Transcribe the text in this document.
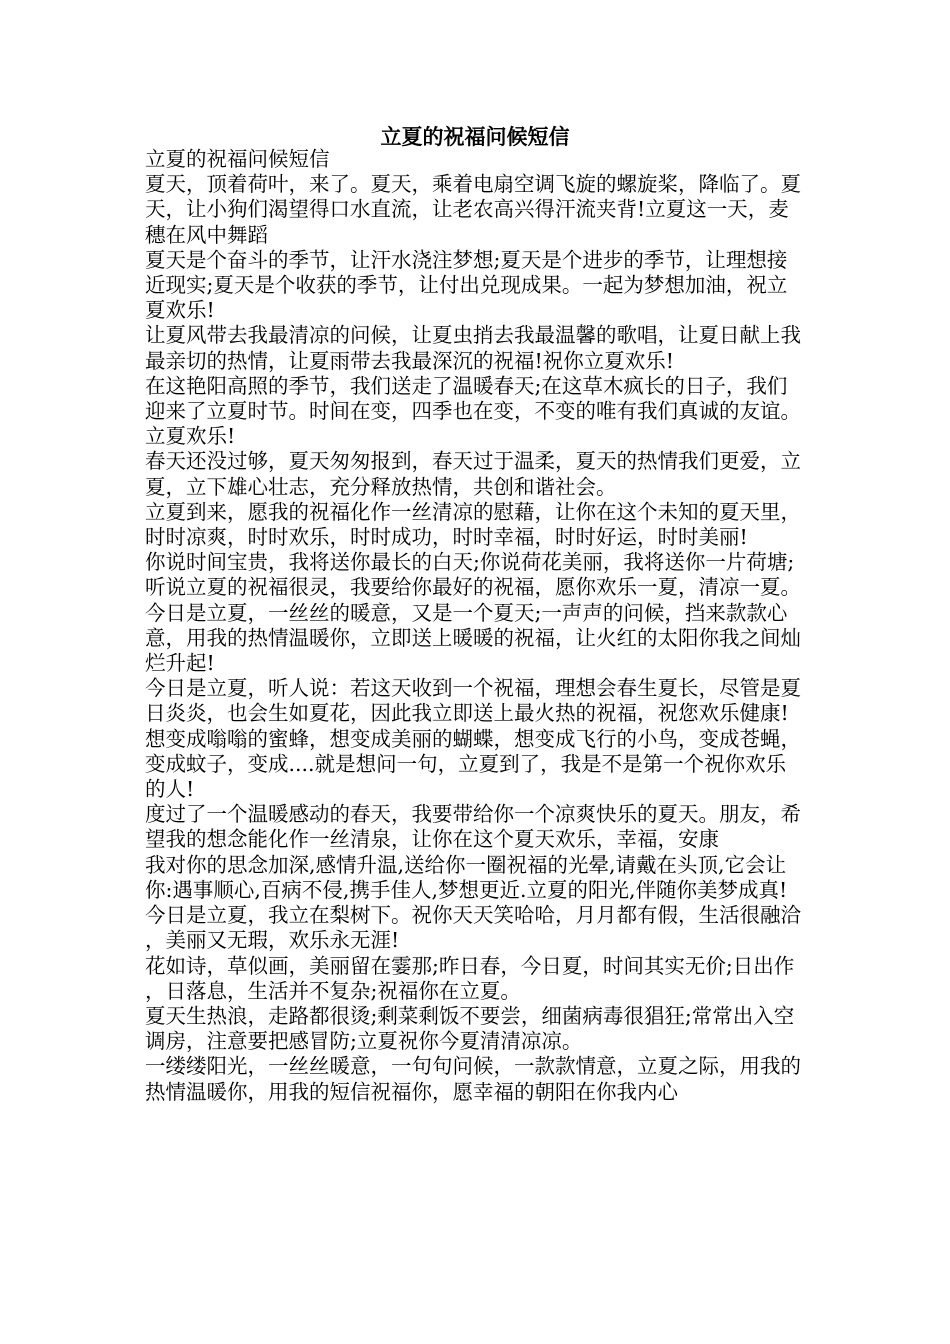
立夏的祝福问候短信

立夏的祝福问候短信

夏天，顶着荷叶，来了。夏天，乘着电扇空调飞旋的螺旋桨，降临了。夏天，让小狗们渴望得口水直流，让老农高兴得汗流夹背!立夏这一天，麦穗在风中舞蹈

夏天是个奋斗的季节，让汗水浇注梦想;夏天是个进步的季节，让理想接近现实;夏天是个收获的季节，让付出兑现成果。一起为梦想加油，祝立夏欢乐!

让夏风带去我最清凉的问候，让夏虫捎去我最温馨的歌唱，让夏日献上我最亲切的热情，让夏雨带去我最深沉的祝福!祝你立夏欢乐!

在这艳阳高照的季节，我们送走了温暖春天;在这草木疯长的日子，我们迎来了立夏时节。时间在变，四季也在变，不变的唯有我们真诚的友谊。立夏欢乐!

春天还没过够，夏天匆匆报到，春天过于温柔，夏天的热情我们更爱，立夏，立下雄心壮志，充分释放热情，共创和谐社会。

立夏到来，愿我的祝福化作一丝清凉的慰藉，让你在这个未知的夏天里，时时凉爽，时时欢乐，时时成功，时时幸福，时时好运，时时美丽!

你说时间宝贵，我将送你最长的白天;你说荷花美丽，我将送你一片荷塘;听说立夏的祝福很灵，我要给你最好的祝福，愿你欢乐一夏，清凉一夏。

今日是立夏，一丝丝的暖意，又是一个夏天;一声声的问候，挡来款款心意，用我的热情温暖你，立即送上暖暖的祝福，让火红的太阳你我之间灿烂升起!

今日是立夏，听人说：若这天收到一个祝福，理想会春生夏长，尽管是夏日炎炎，也会生如夏花，因此我立即送上最火热的祝福，祝您欢乐健康!

想变成嗡嗡的蜜蜂，想变成美丽的蝴蝶，想变成飞行的小鸟，变成苍蝇，变成蚊子，变成....就是想问一句，立夏到了，我是不是第一个祝你欢乐的人!

度过了一个温暖感动的春天，我要带给你一个凉爽快乐的夏天。朋友，希望我的想念能化作一丝清泉，让你在这个夏天欢乐，幸福，安康

我对你的思念加深,感情升温,送给你一圈祝福的光晕,请戴在头顶,它会让你:遇事顺心,百病不侵,携手佳人,梦想更近.立夏的阳光,伴随你美梦成真!

今日是立夏，我立在梨树下。祝你天天笑哈哈，月月都有假，生活很融洽，美丽又无瑕，欢乐永无涯!

花如诗，草似画，美丽留在霎那;昨日春，今日夏，时间其实无价;日出作，日落息，生活并不复杂;祝福你在立夏。

夏天生热浪，走路都很烫;剩菜剩饭不要尝，细菌病毒很猖狂;常常出入空调房，注意要把感冒防;立夏祝你今夏清清凉凉。

一缕缕阳光，一丝丝暖意，一句句问候，一款款情意，立夏之际，用我的热情温暖你，用我的短信祝福你，愿幸福的朝阳在你我内心
